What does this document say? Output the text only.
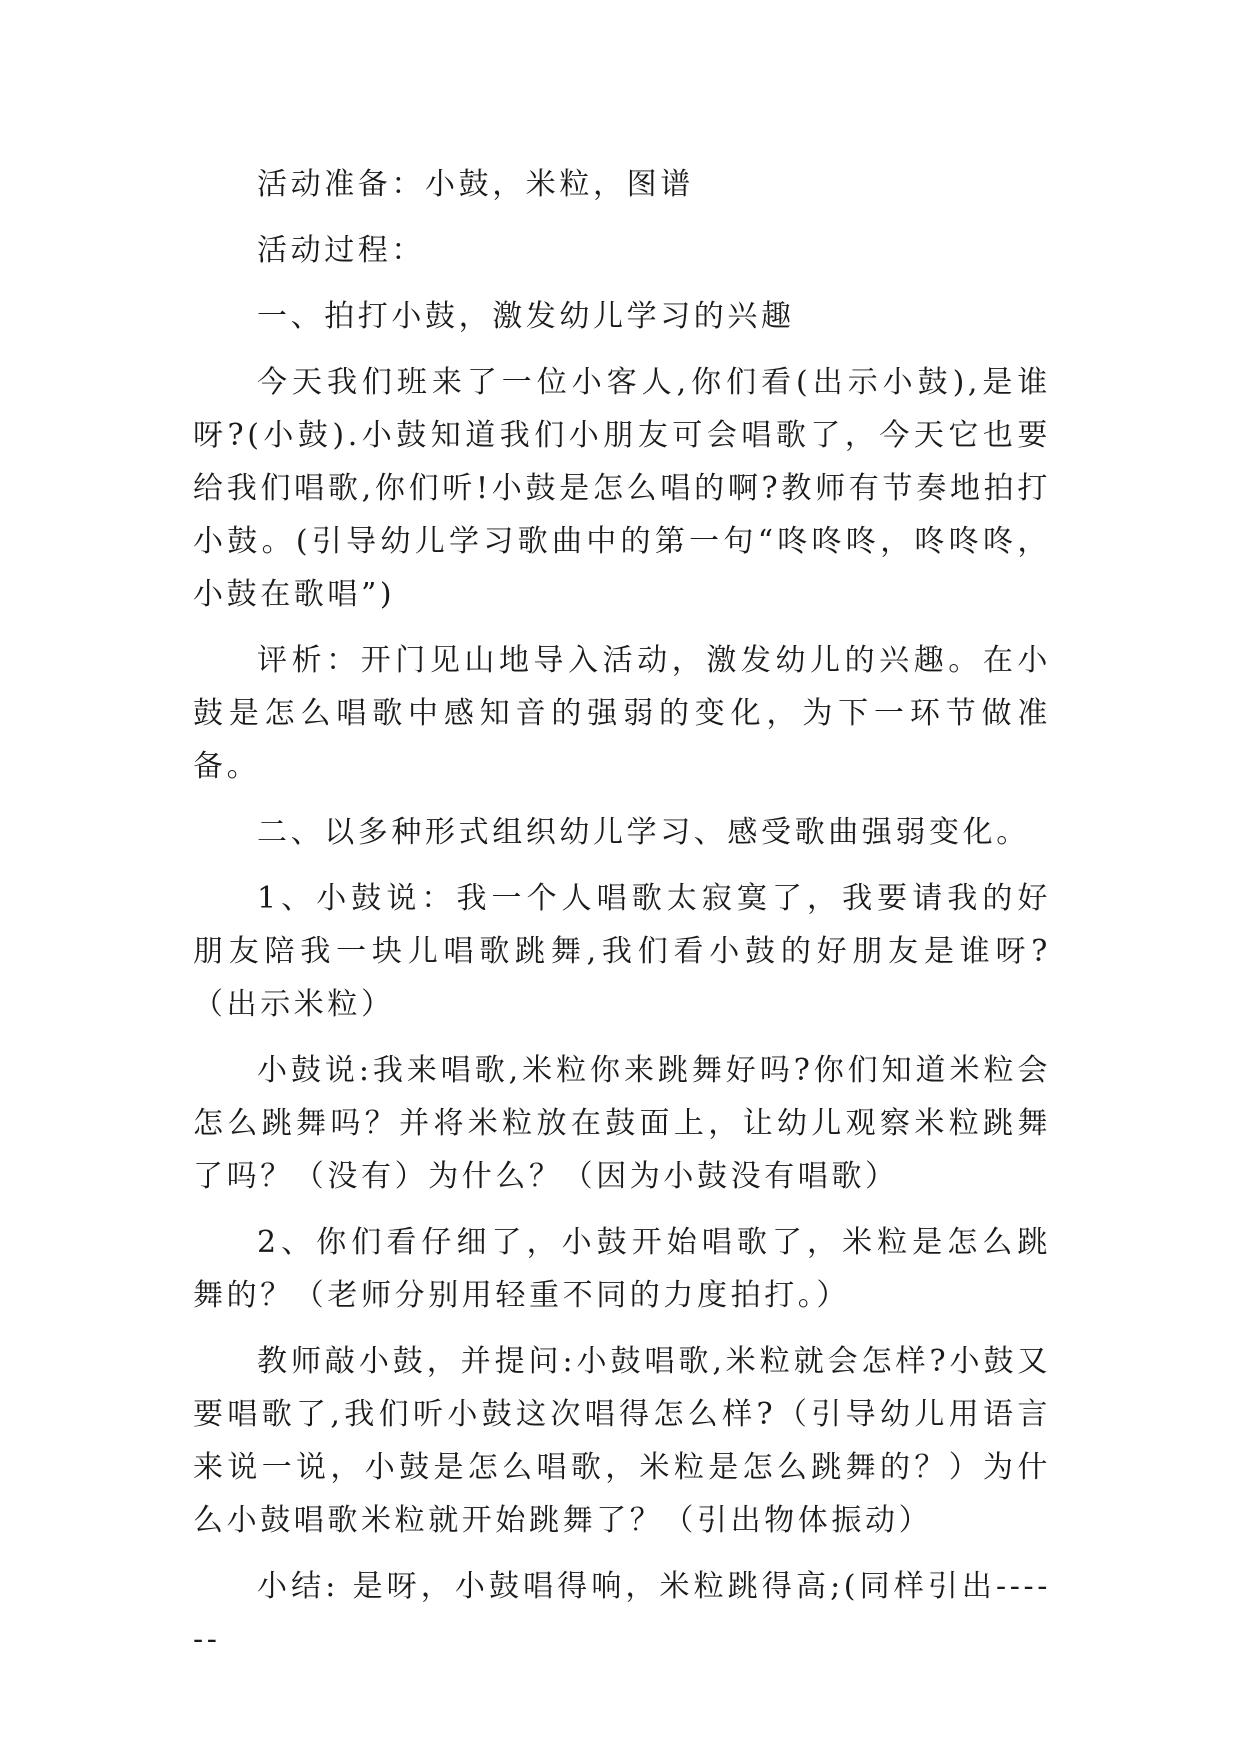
活动准备：小鼓，米粒，图谱

活动过程：

一、拍打小鼓，激发幼儿学习的兴趣

今天我们班来了一位小客人,你们看(出示小鼓),是谁呀?(小鼓).小鼓知道我们小朋友可会唱歌了，今天它也要给我们唱歌,你们听!小鼓是怎么唱的啊?教师有节奏地拍打小鼓。(引导幼儿学习歌曲中的第一句“咚咚咚，咚咚咚，小鼓在歌唱”)

评析：开门见山地导入活动，激发幼儿的兴趣。在小鼓是怎么唱歌中感知音的强弱的变化，为下一环节做准备。

二、以多种形式组织幼儿学习、感受歌曲强弱变化。

1、小鼓说：我一个人唱歌太寂寞了，我要请我的好朋友陪我一块儿唱歌跳舞,我们看小鼓的好朋友是谁呀?（出示米粒）

小鼓说:我来唱歌,米粒你来跳舞好吗?你们知道米粒会怎么跳舞吗？并将米粒放在鼓面上，让幼儿观察米粒跳舞了吗？（没有）为什么？（因为小鼓没有唱歌）

2、你们看仔细了，小鼓开始唱歌了，米粒是怎么跳舞的？（老师分别用轻重不同的力度拍打。）

教师敲小鼓，并提问:小鼓唱歌,米粒就会怎样?小鼓又要唱歌了,我们听小鼓这次唱得怎么样?（引导幼儿用语言来说一说，小鼓是怎么唱歌，米粒是怎么跳舞的？）为什么小鼓唱歌米粒就开始跳舞了？（引出物体振动）

小结: 是呀，小鼓唱得响，米粒跳得高;(同样引出------
